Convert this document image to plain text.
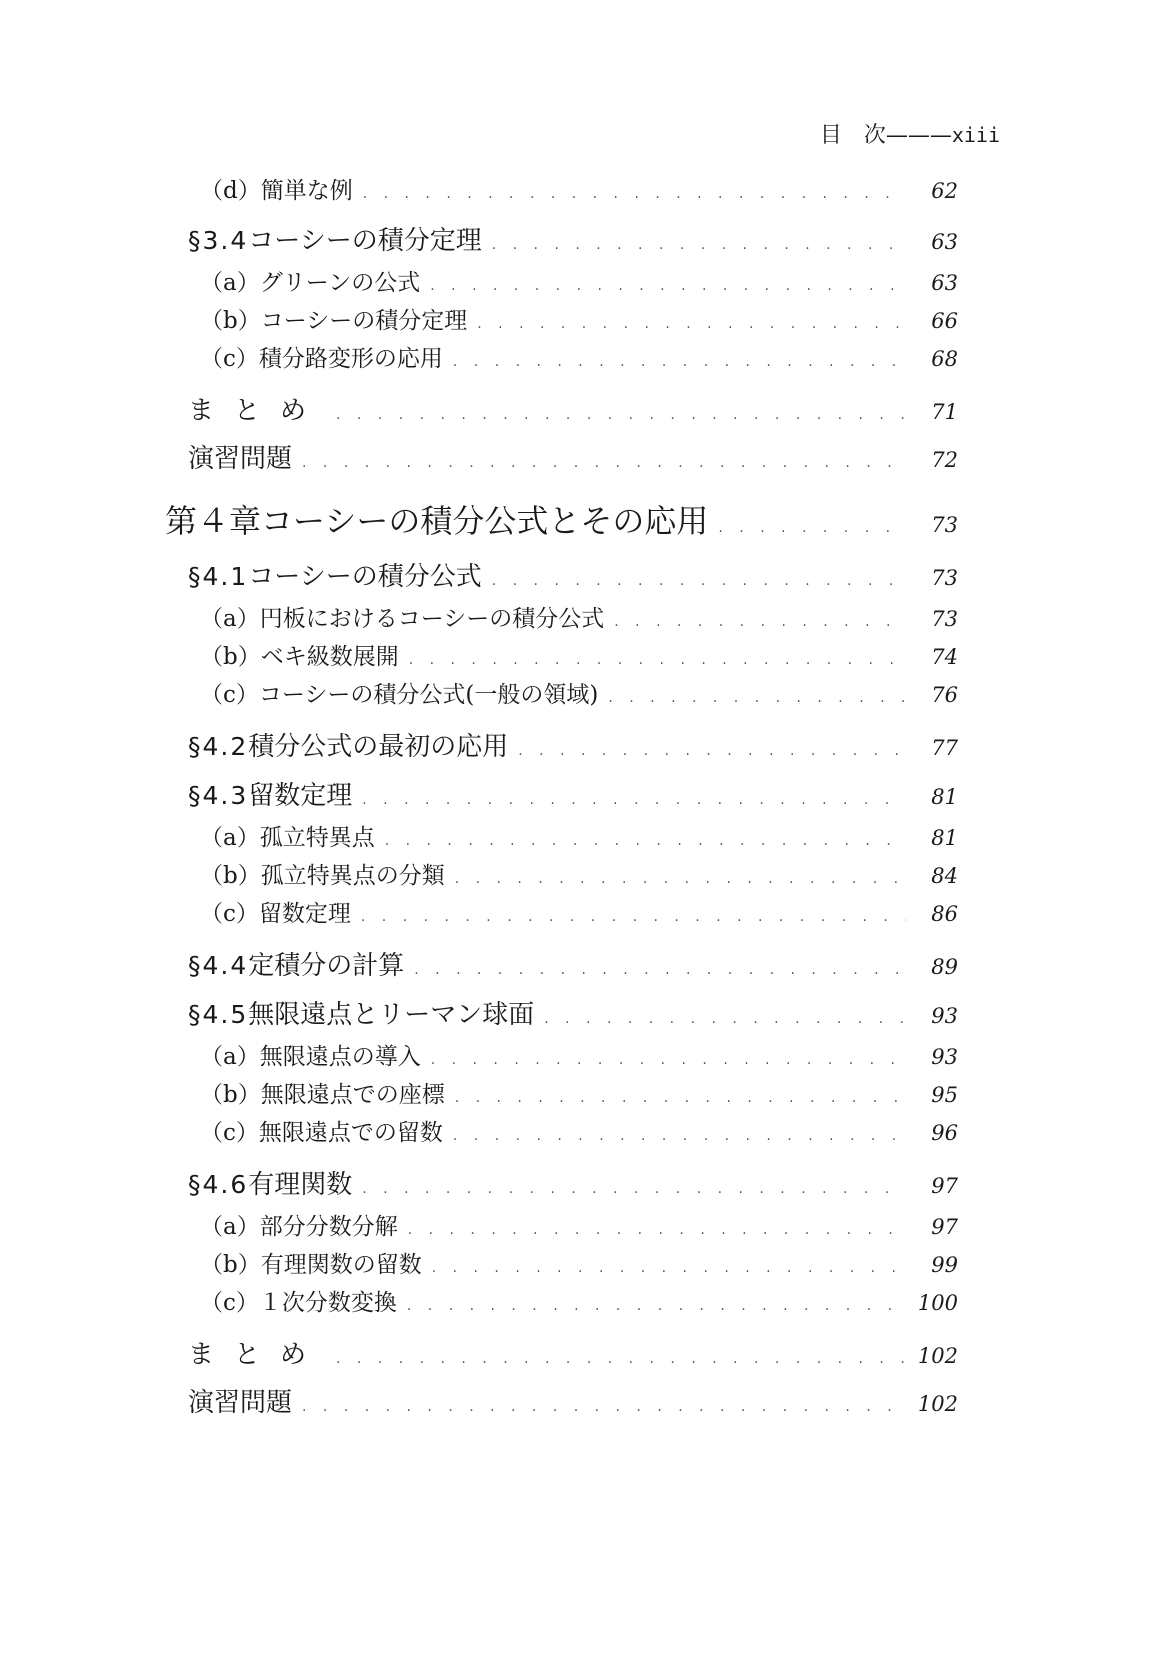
目　次———xiii
（d） 簡単な例 . . .	62
§3.4 コーシーの積分定理 . . .	63
（a） グリーンの公式 . . .	63
（b） コーシーの積分定理 . . .	66
（c） 積分路変形の応用 . . .	68
まとめ . . .	71
演習問題 . . .	72
第４章 コーシーの積分公式とその応用 . . .	73
§4.1 コーシーの積分公式 . . .	73
（a） 円板におけるコーシーの積分公式 . . .	73
（b） ベキ級数展開 . . .	74
（c） コーシーの積分公式(一般の領域) . . .	76
§4.2 積分公式の最初の応用 . . .	77
§4.3 留数定理 . . .	81
（a） 孤立特異点 . . .	81
（b） 孤立特異点の分類 . . .	84
（c） 留数定理 . . .	86
§4.4 定積分の計算 . . .	89
§4.5 無限遠点とリーマン球面 . . .	93
（a） 無限遠点の導入 . . .	93
（b） 無限遠点での座標 . . .	95
（c） 無限遠点での留数 . . .	96
§4.6 有理関数 . . .	97
（a） 部分分数分解 . . .	97
（b） 有理関数の留数 . . .	99
（c） １次分数変換 . . .	100
まとめ . . .	102
演習問題 . . .	102
